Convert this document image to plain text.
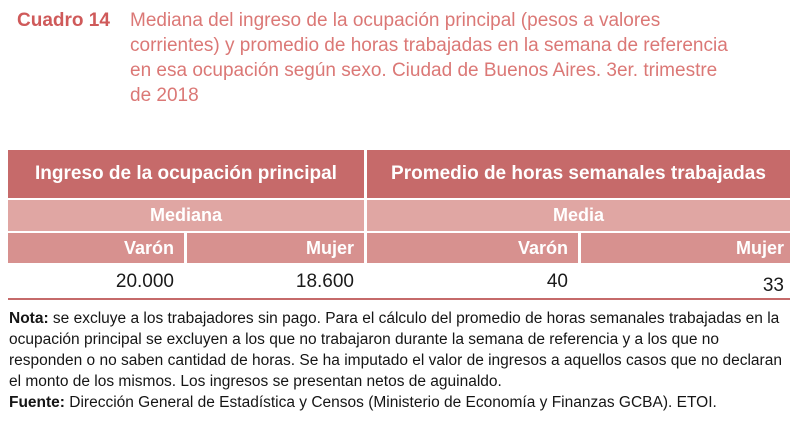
Cuadro 14	Mediana del ingreso de la ocupación principal (pesos a valores corrientes) y promedio de horas trabajadas en la semana de referencia en esa ocupación según sexo. Ciudad de Buenos Aires. 3er. trimestre de 2018
Ingreso de la ocupación principal	Promedio de horas semanales trabajadas
Mediana	Media
Varón	Mujer	Varón	Mujer
20.000	18.600	40	33

Nota: se excluye a los trabajadores sin pago. Para el cálculo del promedio de horas semanales trabajadas en la ocupación principal se excluyen a los que no trabajaron durante la semana de referencia y a los que no responden o no saben cantidad de horas. Se ha imputado el valor de ingresos a aquellos casos que no declaran el monto de los mismos. Los ingresos se presentan netos de aguinaldo.

Fuente: Dirección General de Estadística y Censos (Ministerio de Economía y Finanzas GCBA). ETOI.
